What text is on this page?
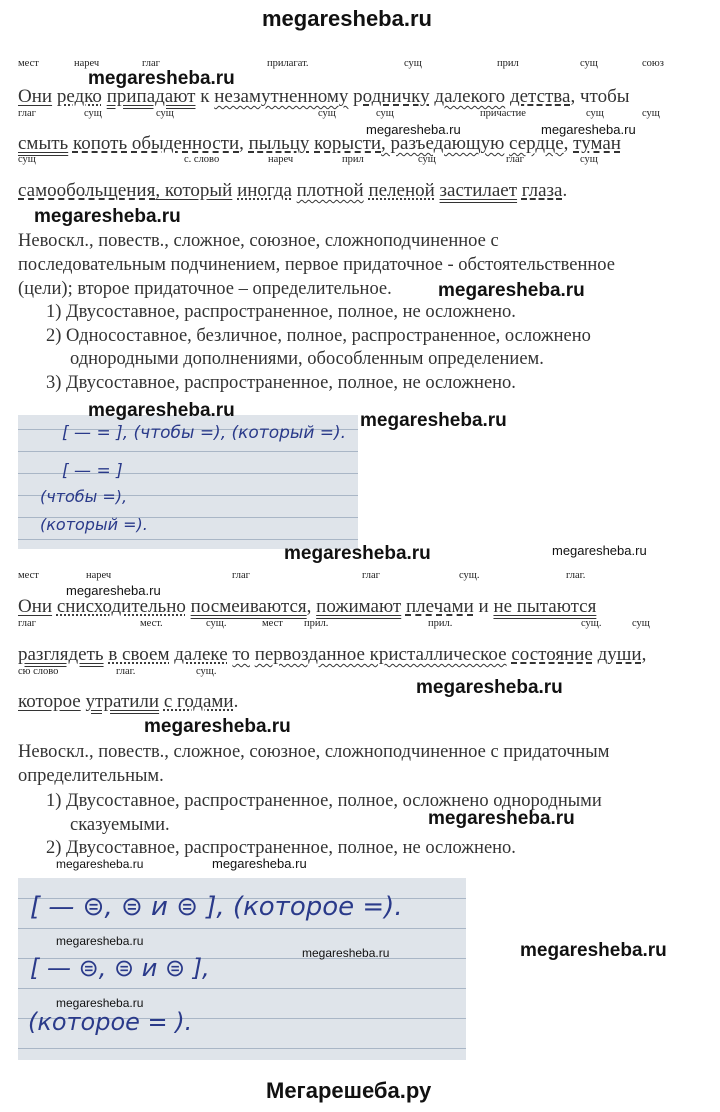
megaresheba.ru
мест	нареч	глаг	прилагат.	сущ	прил	сущ	союз
megaresheba.ru
Они редко припадают к незамутненному родничку далекого детства, чтобы
глаг	сущ	сущ	сущ	сущ	причастие	сущ	сущ
megaresheba.ru	megaresheba.ru
смыть копоть обыденности, пыльцу корысти, разъедающую сердце, туман
сущ	с. слово	нареч	прил	сущ	глаг	сущ
самообольщения, который иногда плотной пеленой застилает глаза.
megaresheba.ru
Невоскл., повеств., сложное, союзное, сложноподчиненное с
последовательным подчинением, первое придаточное - обстоятельственное
(цели); второе придаточное – определительное. megaresheba.ru
1) Двусоставное, распространенное, полное, не осложнено.
2) Односоставное, безличное, полное, распространенное, осложнено
однородными дополнениями, обособленным определением.
3) Двусоставное, распространенное, полное, не осложнено.
[ — = ], (чтобы =), (который =).
[ — = ]
(чтобы =),
(который =).
megaresheba.ru	megaresheba.ru
megaresheba.ru	megaresheba.ru
мест	нареч	глаг	глаг	сущ.	глаг.
megaresheba.ru
Они снисходительно посмеиваются, пожимают плечами и не пытаются
глаг	мест.	сущ.	мест прил.	прил.	сущ.	сущ
разглядеть в своем далеке то первозданное кристаллическое состояние души,
сю слово	глаг.	сущ.
megaresheba.ru
которое утратили с годами.
megaresheba.ru
Невоскл., повеств., сложное, союзное, сложноподчиненное с придаточным
определительным.
1) Двусоставное, распространенное, полное, осложнено однородными
сказуемыми.	megaresheba.ru
2) Двусоставное, распространенное, полное, не осложнено.
megaresheba.ru	megaresheba.ru
[ — ⊜, ⊜ и ⊜ ], (которое =).
[ — ⊜, ⊜ и ⊜ ],
(которое = ).
megaresheba.ru
megaresheba.ru
megaresheba.ru
megaresheba.ru
Мегарешеба.ру
